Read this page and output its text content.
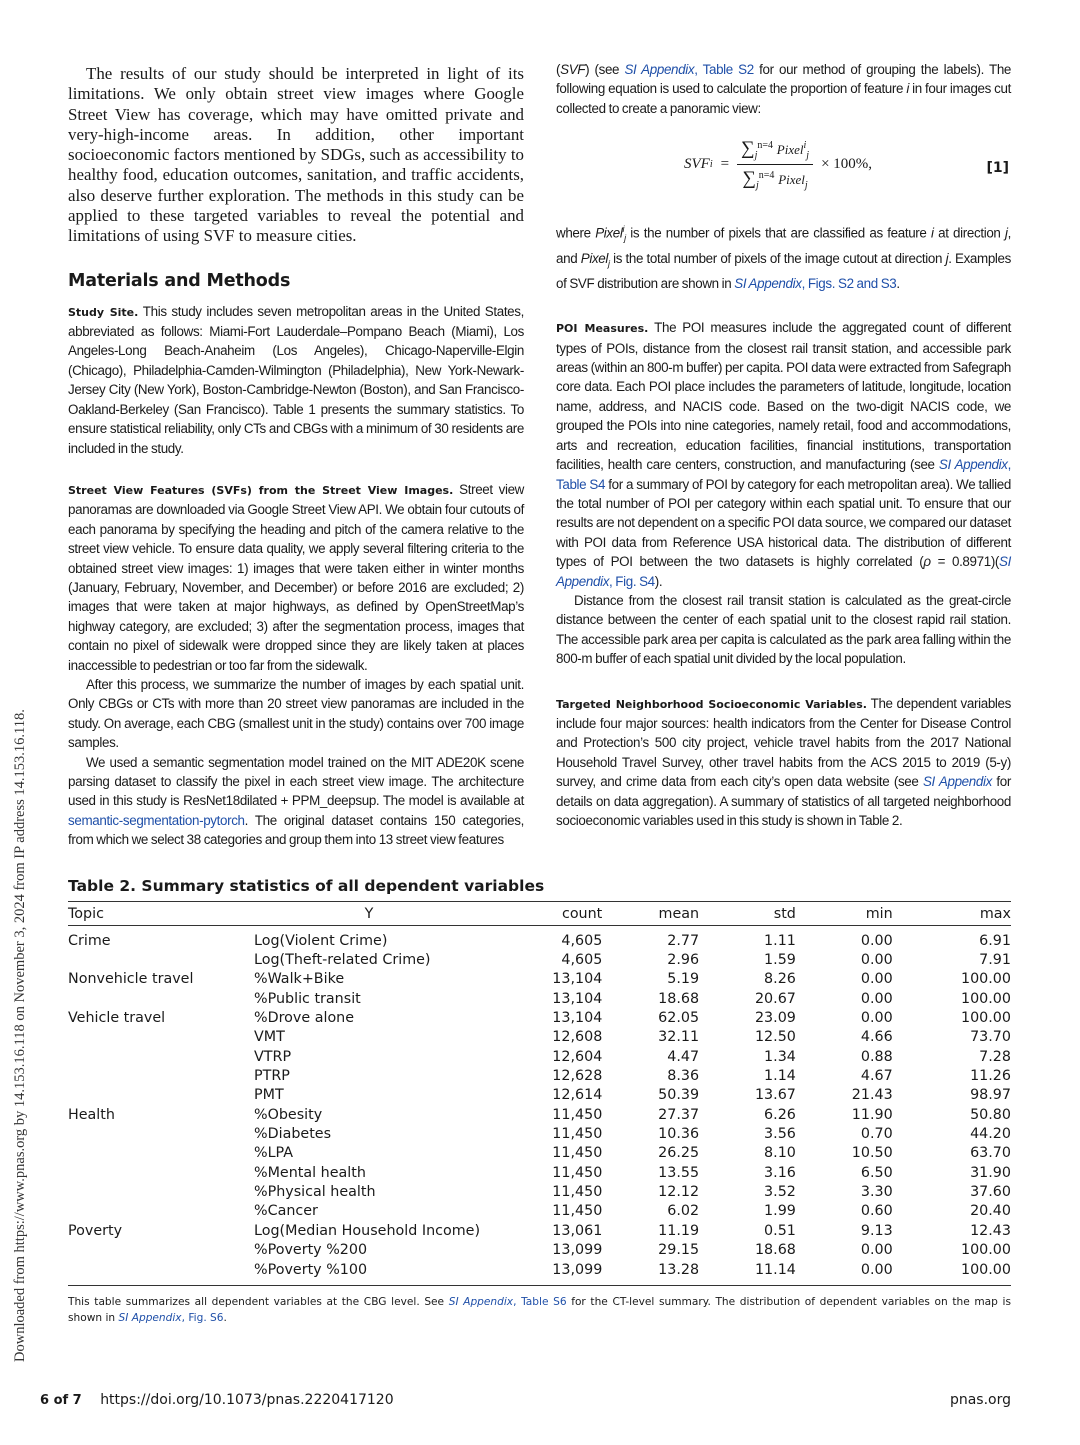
Downloaded from https://www.pnas.org by 14.153.16.118 on November 3, 2024 from IP address 14.153.16.118.

The results of our study should be interpreted in light of its limitations. We only obtain street view images where Google Street View has coverage, which may have omitted private and very-high-income areas. In addition, other important socioeconomic factors mentioned by SDGs, such as accessibility to healthy food, education outcomes, sanitation, and traffic accidents, also deserve further exploration. The methods in this study can be applied to these targeted variables to reveal the potential and limitations of using SVF to measure cities.

Materials and Methods

Study Site. This study includes seven metropolitan areas in the United States, abbreviated as follows: Miami-Fort Lauderdale–Pompano Beach (Miami), Los Angeles-Long Beach-Anaheim (Los Angeles), Chicago-Naperville-Elgin (Chicago), Philadelphia-Camden-Wilmington (Philadelphia), New York-Newark-Jersey City (New York), Boston-Cambridge-Newton (Boston), and San Francisco-Oakland-Berkeley (San Francisco). Table 1 presents the summary statistics. To ensure statistical reliability, only CTs and CBGs with a minimum of 30 residents are included in the study.

Street View Features (SVFs) from the Street View Images. Street view panoramas are downloaded via Google Street View API. We obtain four cutouts of each panorama by specifying the heading and pitch of the camera relative to the street view vehicle. To ensure data quality, we apply several filtering criteria to the obtained street view images: 1) images that were taken either in winter months (January, February, November, and December) or before 2016 are excluded; 2) images that were taken at major highways, as defined by OpenStreetMap’s highway category, are excluded; 3) after the segmentation process, images that contain no pixel of sidewalk were dropped since they are likely taken at places inaccessible to pedestrian or too far from the sidewalk.

After this process, we summarize the number of images by each spatial unit. Only CBGs or CTs with more than 20 street view panoramas are included in the study. On average, each CBG (smallest unit in the study) contains over 700 image samples.

We used a semantic segmentation model trained on the MIT ADE20K scene parsing dataset to classify the pixel in each street view image. The architecture used in this study is ResNet18dilated + PPM_deepsup. The model is available at semantic-segmentation-pytorch. The original dataset contains 150 categories, from which we select 38 categories and group them into 13 street view features

(SVF) (see SI Appendix, Table S2 for our method of grouping the labels). The following equation is used to calculate the proportion of feature i in four images cut collected to create a panoramic view:

SVF $i = \frac{\sum_j^{n=4} Pixel^i_j}{\sum_j^{n=4} Pixel_j} \times 100\%$,	[1]

where Pixel$^i_j$ is the number of pixels that are classified as feature i at direction j, and Pixel$_j$ is the total number of pixels of the image cutout at direction j. Examples of SVF distribution are shown in SI Appendix, Figs. S2 and S3.

POI Measures. The POI measures include the aggregated count of different types of POIs, distance from the closest rail transit station, and accessible park areas (within an 800-m buffer) per capita. POI data were extracted from Safegraph core data. Each POI place includes the parameters of latitude, longitude, location name, address, and NACIS code. Based on the two-digit NACIS code, we grouped the POIs into nine categories, namely retail, food and accommodations, arts and recreation, education facilities, financial institutions, transportation facilities, health care centers, construction, and manufacturing (see SI Appendix, Table S4 for a summary of POI by category for each metropolitan area). We tallied the total number of POI per category within each spatial unit. To ensure that our results are not dependent on a specific POI data source, we compared our dataset with POI data from Reference USA historical data. The distribution of different types of POI between the two datasets is highly correlated (ρ = 0.8971)(SI Appendix, Fig. S4).

Distance from the closest rail transit station is calculated as the great-circle distance between the center of each spatial unit to the closest rapid rail station. The accessible park area per capita is calculated as the park area falling within the 800-m buffer of each spatial unit divided by the local population.

Targeted Neighborhood Socioeconomic Variables. The dependent variables include four major sources: health indicators from the Center for Disease Control and Protection’s 500 city project, vehicle travel habits from the 2017 National Household Travel Survey, other travel habits from the ACS 2015 to 2019 (5-y) survey, and crime data from each city’s open data website (see SI Appendix for details on data aggregation). A summary of statistics of all targeted neighborhood socioeconomic variables used in this study is shown in Table 2.

Table 2. Summary statistics of all dependent variables
Topic	Y	count	mean	std	min	max
Crime	Log(Violent Crime)	4,605	2.77	1.11	0.00	6.91
	Log(Theft-related Crime)	4,605	2.96	1.59	0.00	7.91
Nonvehicle travel	%Walk+Bike	13,104	5.19	8.26	0.00	100.00
	%Public transit	13,104	18.68	20.67	0.00	100.00
Vehicle travel	%Drove alone	13,104	62.05	23.09	0.00	100.00
	VMT	12,608	32.11	12.50	4.66	73.70
	VTRP	12,604	4.47	1.34	0.88	7.28
	PTRP	12,628	8.36	1.14	4.67	11.26
	PMT	12,614	50.39	13.67	21.43	98.97
Health	%Obesity	11,450	27.37	6.26	11.90	50.80
	%Diabetes	11,450	10.36	3.56	0.70	44.20
	%LPA	11,450	26.25	8.10	10.50	63.70
	%Mental health	11,450	13.55	3.16	6.50	31.90
	%Physical health	11,450	12.12	3.52	3.30	37.60
	%Cancer	11,450	6.02	1.99	0.60	20.40
Poverty	Log(Median Household Income)	13,061	11.19	0.51	9.13	12.43
	%Poverty %200	13,099	29.15	18.68	0.00	100.00
	%Poverty %100	13,099	13.28	11.14	0.00	100.00

This table summarizes all dependent variables at the CBG level. See SI Appendix, Table S6 for the CT-level summary. The distribution of dependent variables on the map is shown in SI Appendix, Fig. S6.

6 of 7 https://doi.org/10.1073/pnas.2220417120	pnas.org
